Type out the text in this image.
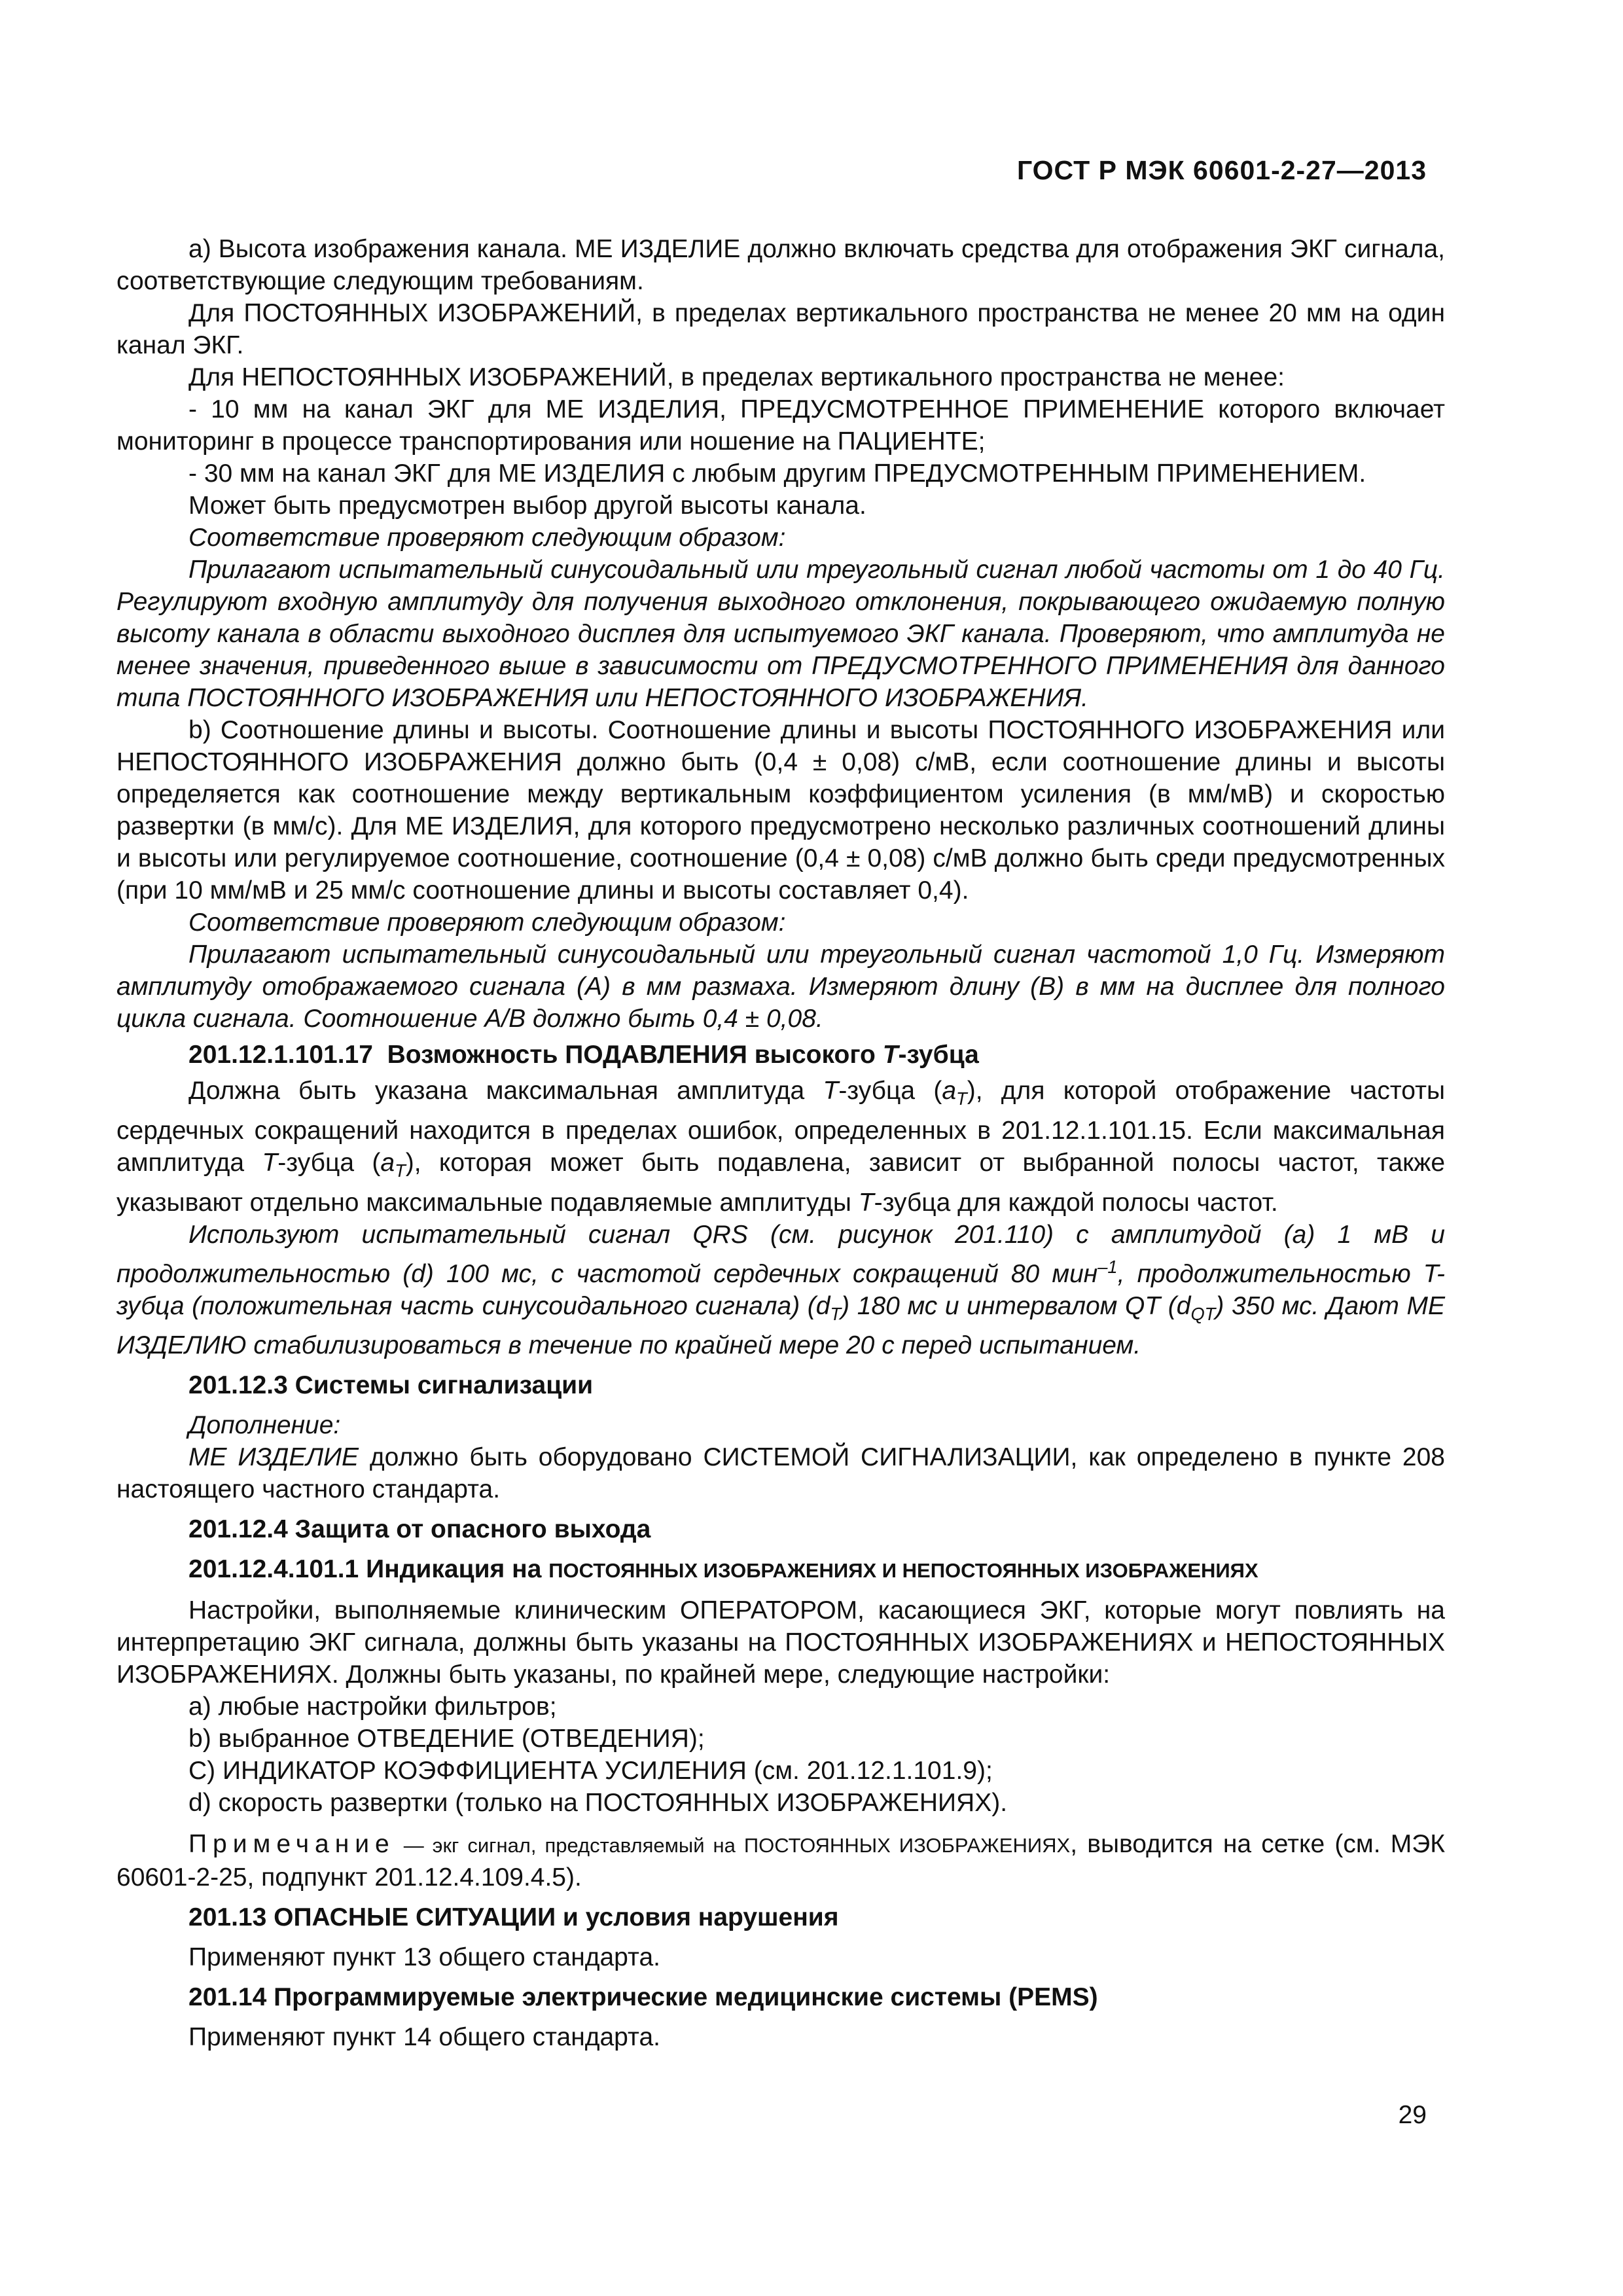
ГОСТ Р МЭК 60601-2-27—2013

а) Высота изображения канала. МЕ ИЗДЕЛИЕ должно включать средства для отображения ЭКГ сигнала, соответствующие следующим требованиям.

Для ПОСТОЯННЫХ ИЗОБРАЖЕНИЙ, в пределах вертикального пространства не менее 20 мм на один канал ЭКГ.

Для НЕПОСТОЯННЫХ ИЗОБРАЖЕНИЙ, в пределах вертикального пространства не менее:

- 10 мм на канал ЭКГ для МЕ ИЗДЕЛИЯ, ПРЕДУСМОТРЕННОЕ ПРИМЕНЕНИЕ которого включает мониторинг в процессе транспортирования или ношение на ПАЦИЕНТЕ;

- 30 мм на канал ЭКГ для МЕ ИЗДЕЛИЯ с любым другим ПРЕДУСМОТРЕННЫМ ПРИМЕНЕНИЕМ.

Может быть предусмотрен выбор другой высоты канала.

Соответствие проверяют следующим образом:

Прилагают испытательный синусоидальный или треугольный сигнал любой частоты от 1 до 40 Гц. Регулируют входную амплитуду для получения выходного отклонения, покрывающего ожидаемую полную высоту канала в области выходного дисплея для испытуемого ЭКГ канала. Проверяют, что амплитуда не менее значения, приведенного выше в зависимости от ПРЕДУСМОТРЕННОГО ПРИМЕНЕНИЯ для данного типа ПОСТОЯННОГО ИЗОБРАЖЕНИЯ или НЕПОСТОЯННОГО ИЗОБРАЖЕНИЯ.

b) Соотношение длины и высоты. Соотношение длины и высоты ПОСТОЯННОГО ИЗОБРАЖЕНИЯ или НЕПОСТОЯННОГО ИЗОБРАЖЕНИЯ должно быть (0,4 ± 0,08) с/мВ, если соотношение длины и высоты определяется как соотношение между вертикальным коэффициентом усиления (в мм/мВ) и скоростью развертки (в мм/с). Для МЕ ИЗДЕЛИЯ, для которого предусмотрено несколько различных соотношений длины и высоты или регулируемое соотношение, соотношение (0,4 ± 0,08) с/мВ должно быть среди предусмотренных (при 10 мм/мВ и 25 мм/с соотношение длины и высоты составляет 0,4).

Соответствие проверяют следующим образом:

Прилагают испытательный синусоидальный или треугольный сигнал частотой 1,0 Гц. Измеряют амплитуду отображаемого сигнала (А) в мм размаха. Измеряют длину (В) в мм на дисплее для полного цикла сигнала. Соотношение А/В должно быть 0,4 ± 0,08.

201.12.1.101.17 Возможность ПОДАВЛЕНИЯ высокого T-зубца

Должна быть указана максимальная амплитуда T-зубца $(a_T)$, для которой отображение частоты сердечных сокращений находится в пределах ошибок, определенных в 201.12.1.101.15. Если максимальная амплитуда T-зубца $(a_T)$, которая может быть подавлена, зависит от выбранной полосы частот, также указывают отдельно максимальные подавляемые амплитуды T-зубца для каждой полосы частот.

Используют испытательный сигнал QRS (см. рисунок 201.110) с амплитудой (а) 1 мВ и продолжительностью (d) 100 мс, с частотой сердечных сокращений 80 мин$^{-1}$, продолжительностью T-зубца (положительная часть синусоидального сигнала) $(d_T)$ 180 мс и интервалом QT $(d_{QT})$ 350 мс. Дают МЕ ИЗДЕЛИЮ стабилизироваться в течение по крайней мере 20 с перед испытанием.

201.12.3 Системы сигнализации

Дополнение:

МЕ ИЗДЕЛИЕ должно быть оборудовано СИСТЕМОЙ СИГНАЛИЗАЦИИ, как определено в пункте 208 настоящего частного стандарта.

201.12.4 Защита от опасного выхода

201.12.4.101.1 Индикация на ПОСТОЯННЫХ ИЗОБРАЖЕНИЯХ И НЕПОСТОЯННЫХ ИЗОБРАЖЕНИЯХ

Настройки, выполняемые клиническим ОПЕРАТОРОМ, касающиеся ЭКГ, которые могут повлиять на интерпретацию ЭКГ сигнала, должны быть указаны на ПОСТОЯННЫХ ИЗОБРАЖЕНИЯХ и НЕПОСТОЯННЫХ ИЗОБРАЖЕНИЯХ. Должны быть указаны, по крайней мере, следующие настройки:

а) любые настройки фильтров;

b) выбранное ОТВЕДЕНИЕ (ОТВЕДЕНИЯ);

С) ИНДИКАТОР КОЭФФИЦИЕНТА УСИЛЕНИЯ (см. 201.12.1.101.9);

d) скорость развертки (только на ПОСТОЯННЫХ ИЗОБРАЖЕНИЯХ).

Примечание — экг сигнал, представляемый на ПОСТОЯННЫХ ИЗОБРАЖЕНИЯХ, выводится на сетке (см. МЭК 60601-2-25, подпункт 201.12.4.109.4.5).

201.13 ОПАСНЫЕ СИТУАЦИИ и условия нарушения

Применяют пункт 13 общего стандарта.

201.14 Программируемые электрические медицинские системы (PEMS)

Применяют пункт 14 общего стандарта.

29
